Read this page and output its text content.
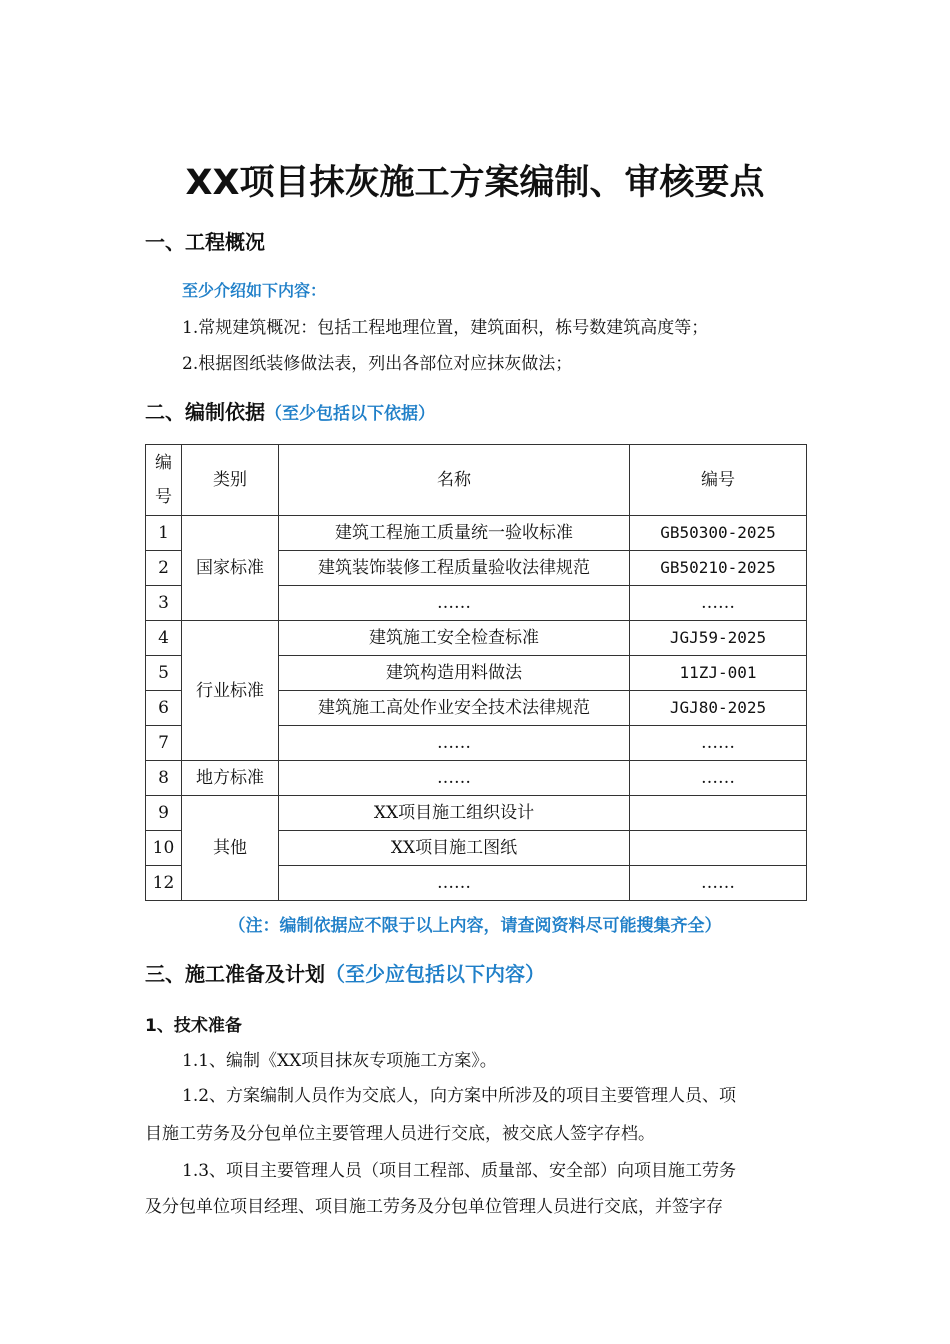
XX项目抹灰施工方案编制、审核要点
一、工程概况
至少介绍如下内容：
1.常规建筑概况：包括工程地理位置，建筑面积，栋号数建筑高度等；
2.根据图纸装修做法表，列出各部位对应抹灰做法；
二、编制依据（至少包括以下依据）
编号	类别	名称	编号
1	国家标准	建筑工程施工质量统一验收标准	GB50300-2025
2		建筑装饰装修工程质量验收法律规范	GB50210-2025
3		……	……
4	行业标准	建筑施工安全检查标准	JGJ59-2025
5		建筑构造用料做法	11ZJ-001
6		建筑施工高处作业安全技术法律规范	JGJ80-2025
7		……	……
8	地方标准	……	……
9	其他	XX项目施工组织设计	
10		XX项目施工图纸	
12		……	……
（注：编制依据应不限于以上内容，请查阅资料尽可能搜集齐全）
三、施工准备及计划（至少应包括以下内容）
1、技术准备
1.1、编制《XX项目抹灰专项施工方案》。
1.2、方案编制人员作为交底人，向方案中所涉及的项目主要管理人员、项
目施工劳务及分包单位主要管理人员进行交底，被交底人签字存档。
1.3、项目主要管理人员（项目工程部、质量部、安全部）向项目施工劳务
及分包单位项目经理、项目施工劳务及分包单位管理人员进行交底，并签字存
